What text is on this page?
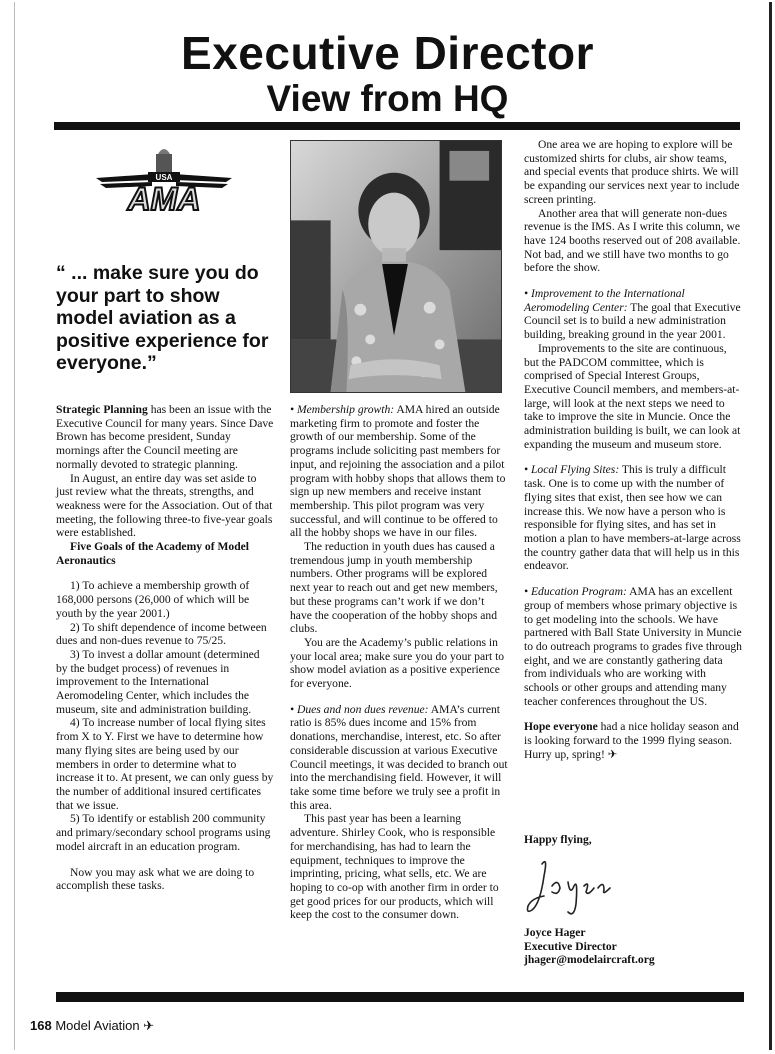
Executive Director
View from HQ
USA
AMA
“ ... make sure you do your part to show model aviation as a positive experience for everyone.”

Strategic Planning has been an issue with the Executive Council for many years. Since Dave Brown has become president, Sunday mornings after the Council meeting are normally devoted to strategic planning.

In August, an entire day was set aside to just review what the threats, strengths, and weakness were for the Association. Out of that meeting, the following three-to five-year goals were established.

Five Goals of the Academy of Model Aeronautics

1) To achieve a membership growth of 168,000 persons (26,000 of which will be youth by the year 2001.)

2) To shift dependence of income between dues and non-dues revenue to 75/25.

3) To invest a dollar amount (determined by the budget process) of revenues in improvement to the International Aeromodeling Center, which includes the museum, site and administration building.

4) To increase number of local flying sites from X to Y. First we have to determine how many flying sites are being used by our members in order to determine what to increase it to. At present, we can only guess by the number of additional insured certificates that we issue.

5) To identify or establish 200 community and primary/secondary school programs using model aircraft in an education program.

Now you may ask what we are doing to accomplish these tasks.

• Membership growth: AMA hired an outside marketing firm to promote and foster the growth of our membership. Some of the programs include soliciting past members for input, and rejoining the association and a pilot program with hobby shops that allows them to sign up new members and receive instant membership. This pilot program was very successful, and will continue to be offered to all the hobby shops we have in our files.

The reduction in youth dues has caused a tremendous jump in youth membership numbers. Other programs will be explored next year to reach out and get new members, but these programs can’t work if we don’t have the cooperation of the hobby shops and clubs.

You are the Academy’s public relations in your local area; make sure you do your part to show model aviation as a positive experience for everyone.

• Dues and non dues revenue: AMA’s current ratio is 85% dues income and 15% from donations, merchandise, interest, etc. So after considerable discussion at various Executive Council meetings, it was decided to branch out into the merchandising field. However, it will take some time before we truly see a profit in this area.

This past year has been a learning adventure. Shirley Cook, who is responsible for merchandising, has had to learn the equipment, techniques to improve the imprinting, pricing, what sells, etc. We are hoping to co-op with another firm in order to get good prices for our products, which will keep the cost to the consumer down.

One area we are hoping to explore will be customized shirts for clubs, air show teams, and special events that produce shirts. We will be expanding our services next year to include screen printing.

Another area that will generate non-dues revenue is the IMS. As I write this column, we have 124 booths reserved out of 208 available. Not bad, and we still have two months to go before the show.

• Improvement to the International Aeromodeling Center: The goal that Executive Council set is to build a new administration building, breaking ground in the year 2001.

Improvements to the site are continuous, but the PADCOM committee, which is comprised of Special Interest Groups, Executive Council members, and members-at-large, will look at the next steps we need to take to improve the site in Muncie. Once the administration building is built, we can look at expanding the museum and museum store.

• Local Flying Sites: This is truly a difficult task. One is to come up with the number of flying sites that exist, then see how we can increase this. We now have a person who is responsible for flying sites, and has set in motion a plan to have members-at-large across the country gather data that will help us in this endeavor.

• Education Program: AMA has an excellent group of members whose primary objective is to get modeling into the schools. We have partnered with Ball State University in Muncie to do outreach programs to grades five through eight, and we are constantly gathering data from individuals who are working with schools or other groups and attending many teacher conferences throughout the US.

Hope everyone had a nice holiday season and is looking forward to the 1999 flying season. Hurry up, spring! ✈

Happy flying,
Joyce Hager
Executive Director
jhager@modelaircraft.org
168 Model Aviation ✈
